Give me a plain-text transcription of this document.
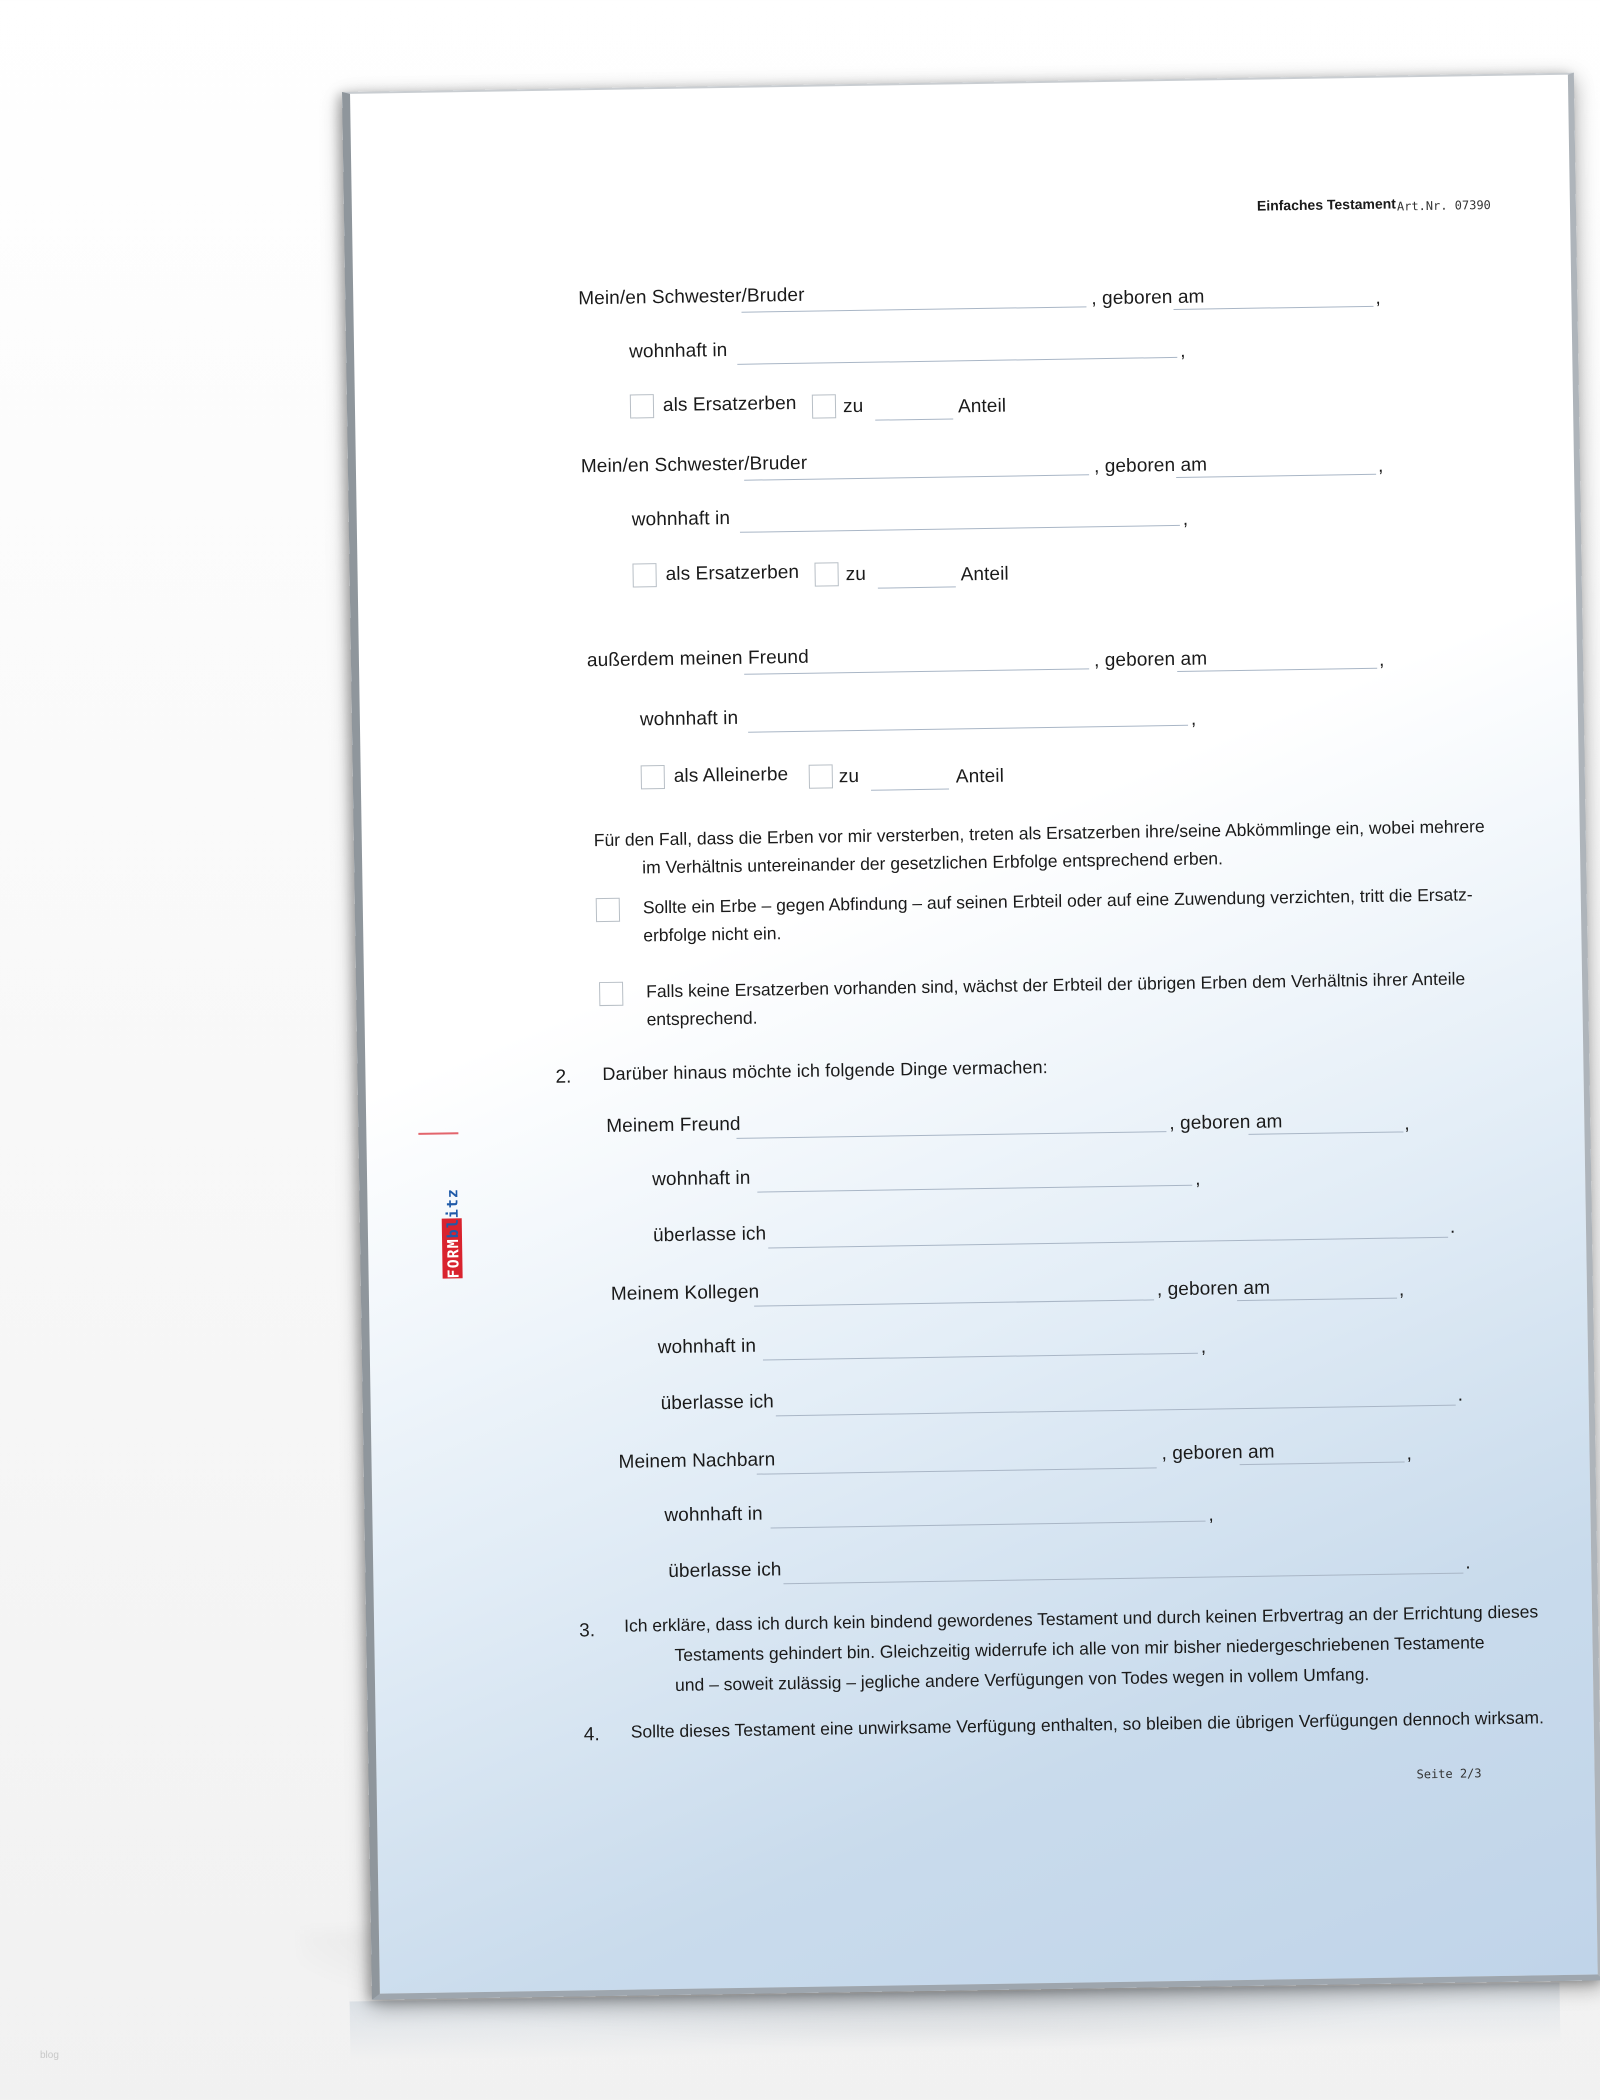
Einfaches Testament Art.Nr. 07390
FORMblitz
Mein/en Schwester/Bruder	, geboren am	,
wohnhaft in	,
als Ersatzerben zu	Anteil
Mein/en Schwester/Bruder	, geboren am	,
wohnhaft in	,
als Ersatzerben zu	Anteil
außerdem meinen Freund	, geboren am	,
wohnhaft in	,
als Alleinerbe	zu	Anteil
Für den Fall, dass die Erben vor mir versterben, treten als Ersatzerben ihre/seine Abkömmlinge ein, wobei mehrere
im Verhältnis untereinander der gesetzlichen Erbfolge entsprechend erben.
Sollte ein Erbe – gegen Abfindung – auf seinen Erbteil oder auf eine Zuwendung verzichten, tritt die Ersatz-
erbfolge nicht ein.
Falls keine Ersatzerben vorhanden sind, wächst der Erbteil der übrigen Erben dem Verhältnis ihrer Anteile
entsprechend.
2. Darüber hinaus möchte ich folgende Dinge vermachen:
Meinem Freund	, geboren am	,
wohnhaft in	,
überlasse ich	.
Meinem Kollegen	, geboren am	,
wohnhaft in	,
überlasse ich	.
Meinem Nachbarn	, geboren am	,
wohnhaft in	,
überlasse ich	.
3. Ich erkläre, dass ich durch kein bindend gewordenes Testament und durch keinen Erbvertrag an der Errichtung dieses
Testaments gehindert bin. Gleichzeitig widerrufe ich alle von mir bisher niedergeschriebenen Testamente
und – soweit zulässig – jegliche andere Verfügungen von Todes wegen in vollem Umfang.
4. Sollte dieses Testament eine unwirksame Verfügung enthalten, so bleiben die übrigen Verfügungen dennoch wirksam.
Seite 2/3
blog
